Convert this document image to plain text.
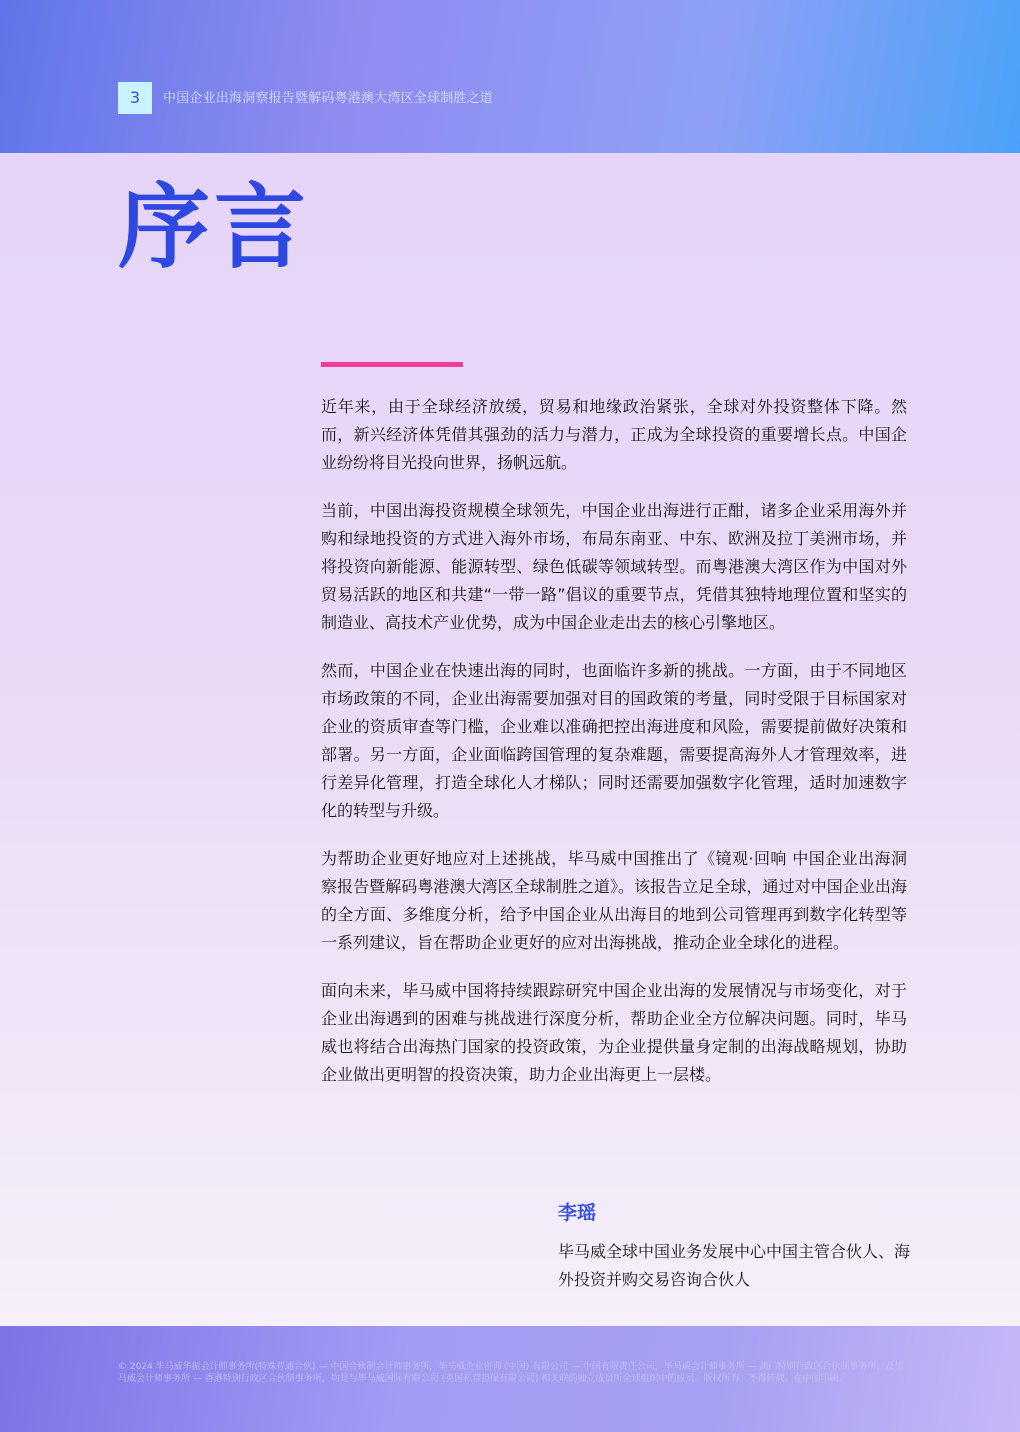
3	中国企业出海洞察报告暨解码粤港澳大湾区全球制胜之道
序言

近年来，由于全球经济放缓，贸易和地缘政治紧张，全球对外投资整体下降。然而，新兴经济体凭借其强劲的活力与潜力，正成为全球投资的重要增长点。中国企业纷纷将目光投向世界，扬帆远航。

当前，中国出海投资规模全球领先，中国企业出海进行正酣，诸多企业采用海外并购和绿地投资的方式进入海外市场，布局东南亚、中东、欧洲及拉丁美洲市场，并将投资向新能源、能源转型、绿色低碳等领域转型。而粤港澳大湾区作为中国对外贸易活跃的地区和共建“一带一路”倡议的重要节点，凭借其独特地理位置和坚实的制造业、高技术产业优势，成为中国企业走出去的核心引擎地区。

然而，中国企业在快速出海的同时，也面临许多新的挑战。一方面，由于不同地区市场政策的不同，企业出海需要加强对目的国政策的考量，同时受限于目标国家对企业的资质审查等门槛，企业难以准确把控出海进度和风险，需要提前做好决策和部署。另一方面，企业面临跨国管理的复杂难题，需要提高海外人才管理效率，进行差异化管理，打造全球化人才梯队；同时还需要加强数字化管理，适时加速数字化的转型与升级。

为帮助企业更好地应对上述挑战，毕马威中国推出了《镜观·回响 中国企业出海洞察报告暨解码粤港澳大湾区全球制胜之道》。该报告立足全球，通过对中国企业出海的全方面、多维度分析，给予中国企业从出海目的地到公司管理再到数字化转型等一系列建议，旨在帮助企业更好的应对出海挑战，推动企业全球化的进程。

面向未来，毕马威中国将持续跟踪研究中国企业出海的发展情况与市场变化，对于企业出海遇到的困难与挑战进行深度分析，帮助企业全方位解决问题。同时，毕马威也将结合出海热门国家的投资政策，为企业提供量身定制的出海战略规划，协助企业做出更明智的投资决策，助力企业出海更上一层楼。

李瑶
毕马威全球中国业务发展中心中国主管合伙人、海外投资并购交易咨询合伙人
© 2024 毕马威华振会计师事务所(特殊普通合伙) — 中国合伙制会计师事务所，毕马威企业咨询 (中国) 有限公司 — 中国有限责任公司，毕马威会计师事务所 — 澳门特别行政区合伙制事务所，及毕马威会计师事务所 — 香港特别行政区合伙制事务所，均是与毕马威国际有限公司 (英国私营担保有限公司) 相关联的独立成员所全球组织中的成员。版权所有，不得转载。在中国印刷。
